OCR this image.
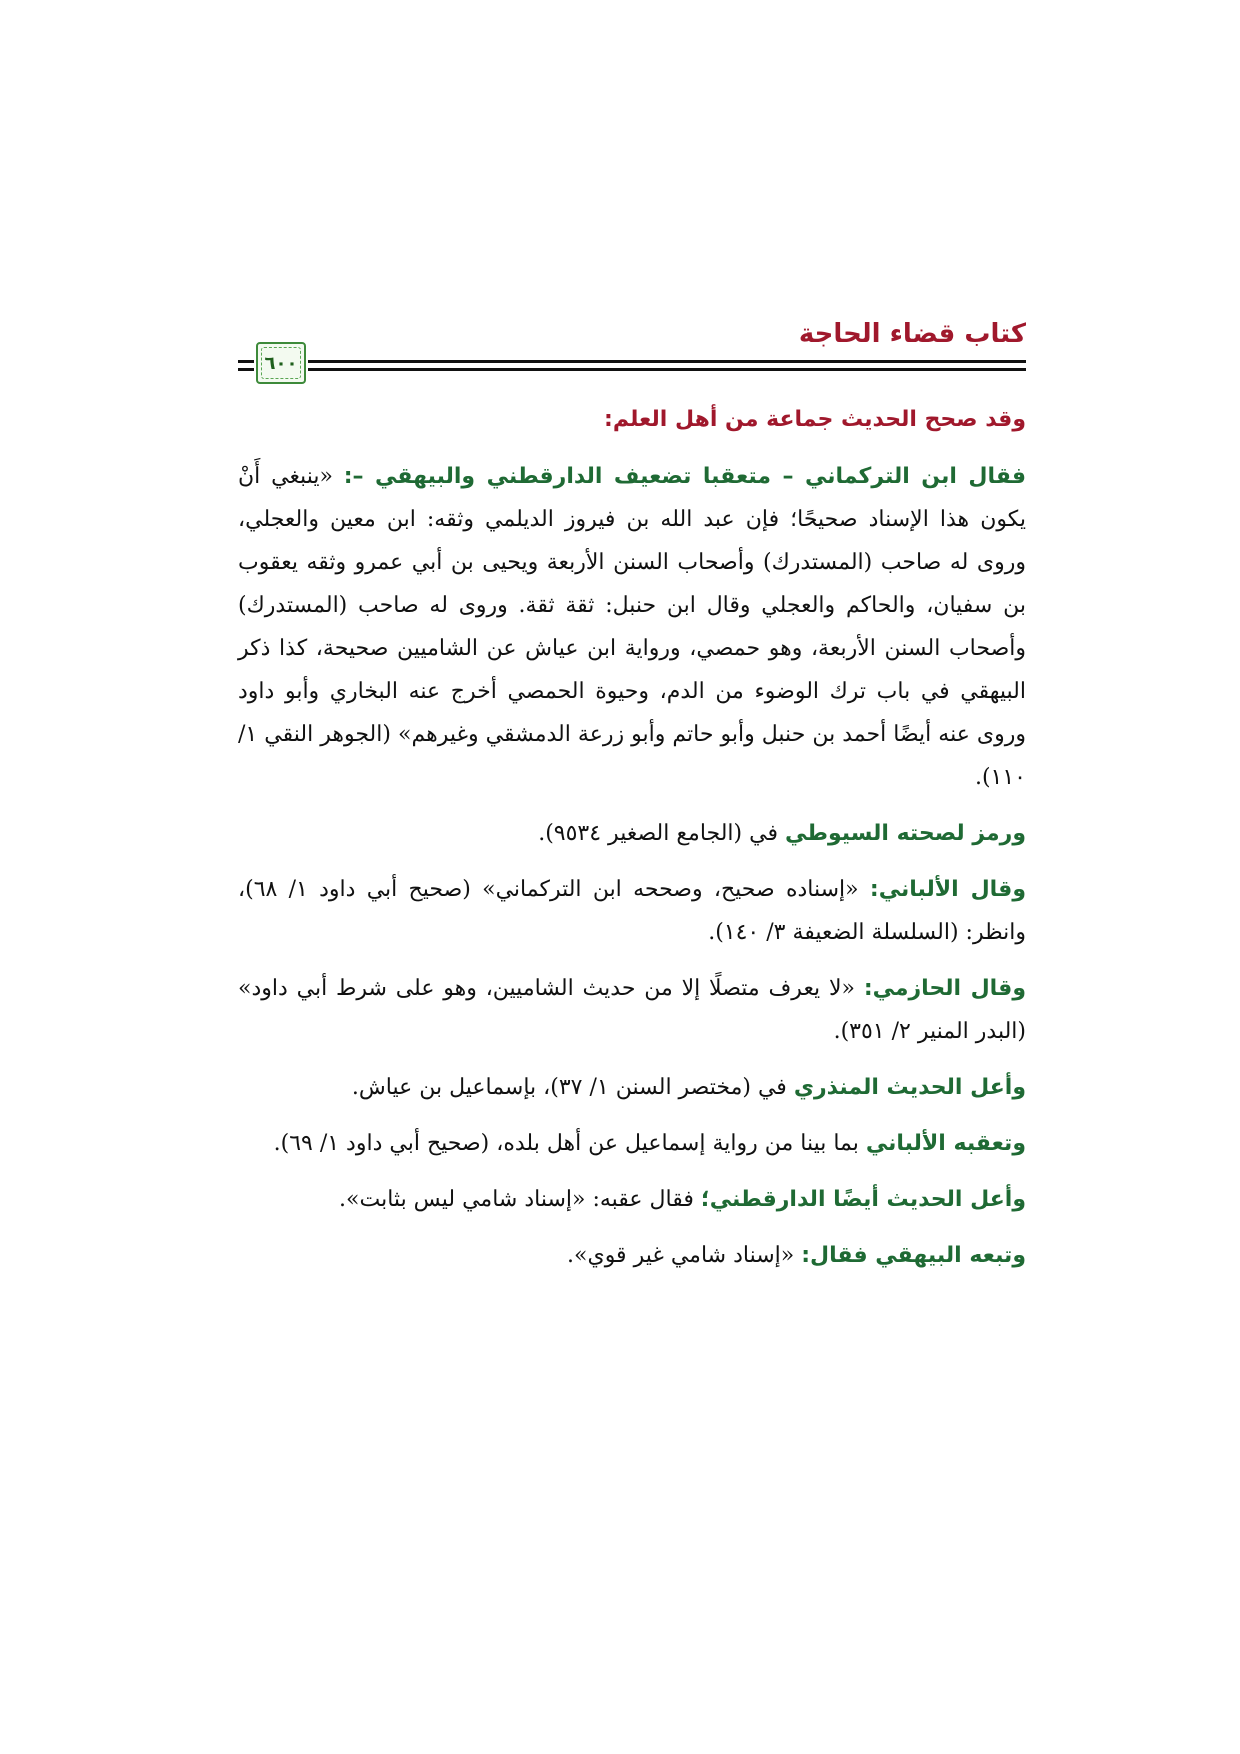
كتاب قضاء الحاجة
٦٠٠
وقد صحح الحديث جماعة من أهل العلم:

فقال ابن التركماني – متعقبا تضعيف الدارقطني والبيهقي –: «ينبغي أَنْ يكون هذا الإسناد صحيحًا؛ فإن عبد الله بن فيروز الديلمي وثقه: ابن معين والعجلي، وروى له صاحب (المستدرك) وأصحاب السنن الأربعة ويحيى بن أبي عمرو وثقه يعقوب بن سفيان، والحاكم والعجلي وقال ابن حنبل: ثقة ثقة. وروى له صاحب (المستدرك) وأصحاب السنن الأربعة، وهو حمصي، ورواية ابن عياش عن الشاميين صحيحة، كذا ذكر البيهقي في باب ترك الوضوء من الدم، وحيوة الحمصي أخرج عنه البخاري وأبو داود وروى عنه أيضًا أحمد بن حنبل وأبو حاتم وأبو زرعة الدمشقي وغيرهم» (الجوهر النقي ١/ ١١٠).

ورمز لصحته السيوطي في (الجامع الصغير ٩٥٣٤).

وقال الألباني: «إسناده صحيح، وصححه ابن التركماني» (صحيح أبي داود ١/ ٦٨)، وانظر: (السلسلة الضعيفة ٣/ ١٤٠).

وقال الحازمي: «لا يعرف متصلًا إلا من حديث الشاميين، وهو على شرط أبي داود» (البدر المنير ٢/ ٣٥١).

وأعل الحديث المنذري في (مختصر السنن ١/ ٣٧)، بإسماعيل بن عياش.

وتعقبه الألباني بما بينا من رواية إسماعيل عن أهل بلده، (صحيح أبي داود ١/ ٦٩).

وأعل الحديث أيضًا الدارقطني؛ فقال عقبه: «إسناد شامي ليس بثابت».

وتبعه البيهقي فقال: «إسناد شامي غير قوي».
